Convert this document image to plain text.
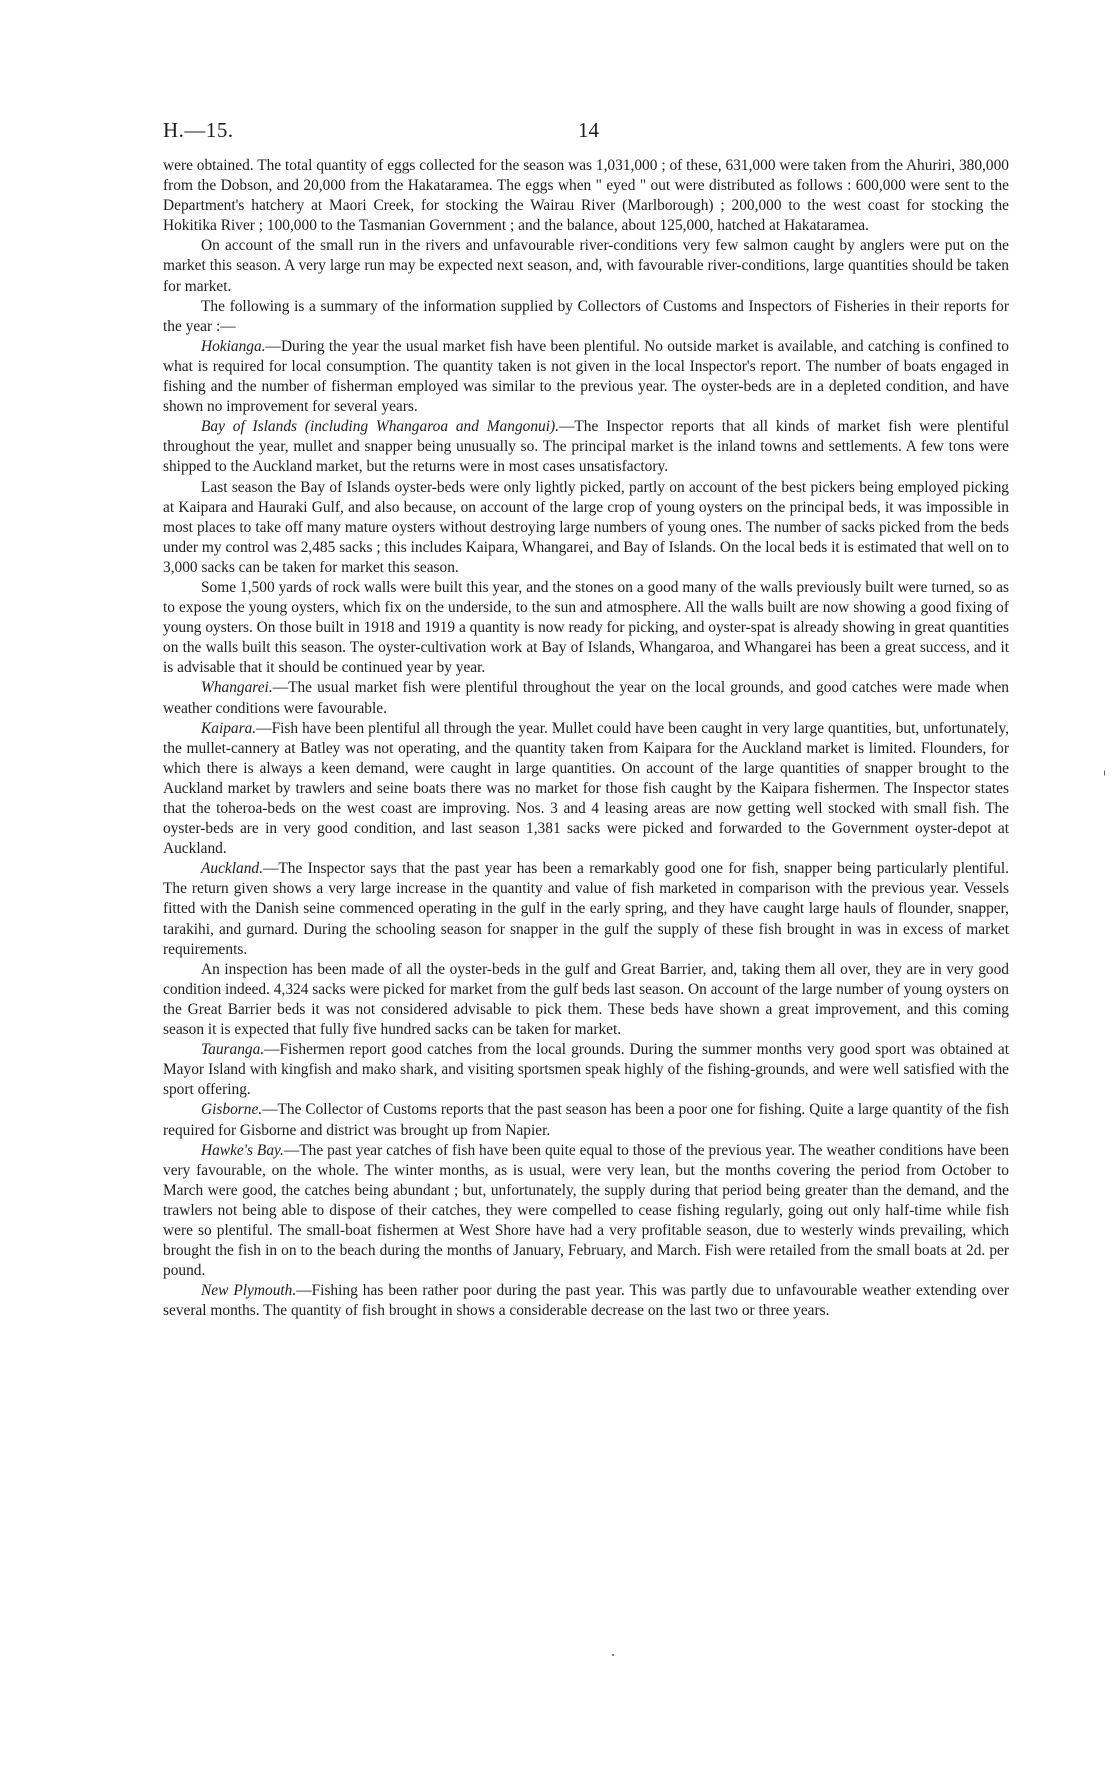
H.—15.	14

were obtained. The total quantity of eggs collected for the season was 1,031,000 ; of these, 631,000 were taken from the Ahuriri, 380,000 from the Dobson, and 20,000 from the Hakataramea. The eggs when " eyed " out were distributed as follows : 600,000 were sent to the Department's hatchery at Maori Creek, for stocking the Wairau River (Marlborough) ; 200,000 to the west coast for stocking the Hokitika River ; 100,000 to the Tasmanian Government ; and the balance, about 125,000, hatched at Hakataramea.

On account of the small run in the rivers and unfavourable river-conditions very few salmon caught by anglers were put on the market this season. A very large run may be expected next season, and, with favourable river-conditions, large quantities should be taken for market.

The following is a summary of the information supplied by Collectors of Customs and Inspectors of Fisheries in their reports for the year :—

Hokianga.—During the year the usual market fish have been plentiful. No outside market is available, and catching is confined to what is required for local consumption. The quantity taken is not given in the local Inspector's report. The number of boats engaged in fishing and the number of fisherman employed was similar to the previous year. The oyster-beds are in a depleted condition, and have shown no improvement for several years.

Bay of Islands (including Whangaroa and Mangonui).—The Inspector reports that all kinds of market fish were plentiful throughout the year, mullet and snapper being unusually so. The principal market is the inland towns and settlements. A few tons were shipped to the Auckland market, but the returns were in most cases unsatisfactory.

Last season the Bay of Islands oyster-beds were only lightly picked, partly on account of the best pickers being employed picking at Kaipara and Hauraki Gulf, and also because, on account of the large crop of young oysters on the principal beds, it was impossible in most places to take off many mature oysters without destroying large numbers of young ones. The number of sacks picked from the beds under my control was 2,485 sacks ; this includes Kaipara, Whangarei, and Bay of Islands. On the local beds it is estimated that well on to 3,000 sacks can be taken for market this season.

Some 1,500 yards of rock walls were built this year, and the stones on a good many of the walls previously built were turned, so as to expose the young oysters, which fix on the underside, to the sun and atmosphere. All the walls built are now showing a good fixing of young oysters. On those built in 1918 and 1919 a quantity is now ready for picking, and oyster-spat is already showing in great quantities on the walls built this season. The oyster-cultivation work at Bay of Islands, Whangaroa, and Whangarei has been a great success, and it is advisable that it should be continued year by year.

Whangarei.—The usual market fish were plentiful throughout the year on the local grounds, and good catches were made when weather conditions were favourable.

Kaipara.—Fish have been plentiful all through the year. Mullet could have been caught in very large quantities, but, unfortunately, the mullet-cannery at Batley was not operating, and the quantity taken from Kaipara for the Auckland market is limited. Flounders, for which there is always a keen demand, were caught in large quantities. On account of the large quantities of snapper brought to the Auckland market by trawlers and seine boats there was no market for those fish caught by the Kaipara fishermen. The Inspector states that the toheroa-beds on the west coast are improving. Nos. 3 and 4 leasing areas are now getting well stocked with small fish. The oyster-beds are in very good condition, and last season 1,381 sacks were picked and forwarded to the Government oyster-depot at Auckland.

Auckland.—The Inspector says that the past year has been a remarkably good one for fish, snapper being particularly plentiful. The return given shows a very large increase in the quantity and value of fish marketed in comparison with the previous year. Vessels fitted with the Danish seine commenced operating in the gulf in the early spring, and they have caught large hauls of flounder, snapper, tarakihi, and gurnard. During the schooling season for snapper in the gulf the supply of these fish brought in was in excess of market requirements.

An inspection has been made of all the oyster-beds in the gulf and Great Barrier, and, taking them all over, they are in very good condition indeed. 4,324 sacks were picked for market from the gulf beds last season. On account of the large number of young oysters on the Great Barrier beds it was not considered advisable to pick them. These beds have shown a great improvement, and this coming season it is expected that fully five hundred sacks can be taken for market.

Tauranga.—Fishermen report good catches from the local grounds. During the summer months very good sport was obtained at Mayor Island with kingfish and mako shark, and visiting sportsmen speak highly of the fishing-grounds, and were well satisfied with the sport offering.

Gisborne.—The Collector of Customs reports that the past season has been a poor one for fishing. Quite a large quantity of the fish required for Gisborne and district was brought up from Napier.

Hawke's Bay.—The past year catches of fish have been quite equal to those of the previous year. The weather conditions have been very favourable, on the whole. The winter months, as is usual, were very lean, but the months covering the period from October to March were good, the catches being abundant ; but, unfortunately, the supply during that period being greater than the demand, and the trawlers not being able to dispose of their catches, they were compelled to cease fishing regularly, going out only half-time while fish were so plentiful. The small-boat fishermen at West Shore have had a very profitable season, due to westerly winds prevailing, which brought the fish in on to the beach during the months of January, February, and March. Fish were retailed from the small boats at 2d. per pound.

New Plymouth.—Fishing has been rather poor during the past year. This was partly due to unfavourable weather extending over several months. The quantity of fish brought in shows a considerable decrease on the last two or three years.
